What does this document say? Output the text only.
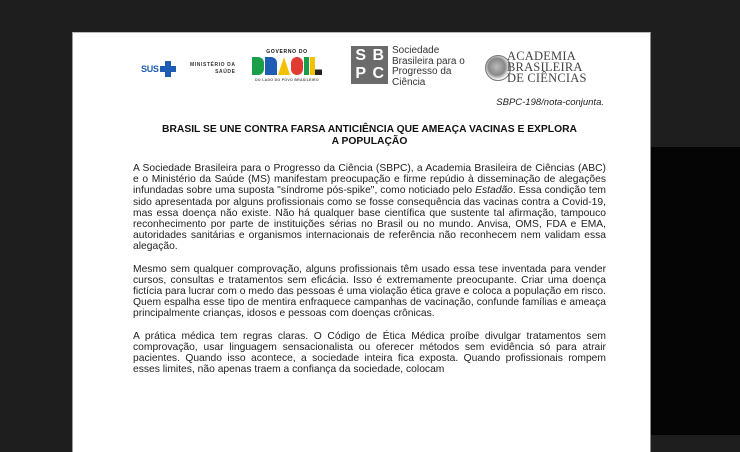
SUS	MINISTÉRIO DA
SAÚDE
GOVERNO DO
DO LADO DO POVO BRASILEIRO
S B
P C
Sociedade
Brasileira para o
Progresso da
Ciência
ACADEMIA
BRASILEIRA
DE CIÊNCIAS
SBPC-198/nota-conjunta.
BRASIL SE UNE CONTRA FARSA ANTICIÊNCIA QUE AMEAÇA VACINAS E EXPLORA
A POPULAÇÃO

A Sociedade Brasileira para o Progresso da Ciência (SBPC), a Academia Brasileira de Ciências (ABC) e o Ministério da Saúde (MS) manifestam preocupação e firme repúdio à disseminação de alegações infundadas sobre uma suposta "síndrome pós-spike", como noticiado pelo Estadão. Essa condição tem sido apresentada por alguns profissionais como se fosse consequência das vacinas contra a Covid-19, mas essa doença não existe. Não há qualquer base científica que sustente tal afirmação, tampouco reconhecimento por parte de instituições sérias no Brasil ou no mundo. Anvisa, OMS, FDA e EMA, autoridades sanitárias e organismos internacionais de referência não reconhecem nem validam essa alegação.

Mesmo sem qualquer comprovação, alguns profissionais têm usado essa tese inventada para vender cursos, consultas e tratamentos sem eficácia. Isso é extremamente preocupante. Criar uma doença fictícia para lucrar com o medo das pessoas é uma violação ética grave e coloca a população em risco. Quem espalha esse tipo de mentira enfraquece campanhas de vacinação, confunde famílias e ameaça principalmente crianças, idosos e pessoas com doenças crônicas.

A prática médica tem regras claras. O Código de Ética Médica proíbe divulgar tratamentos sem comprovação, usar linguagem sensacionalista ou oferecer métodos sem evidência só para atrair pacientes. Quando isso acontece, a sociedade inteira fica exposta. Quando profissionais rompem esses limites, não apenas traem a confiança da sociedade, colocam
